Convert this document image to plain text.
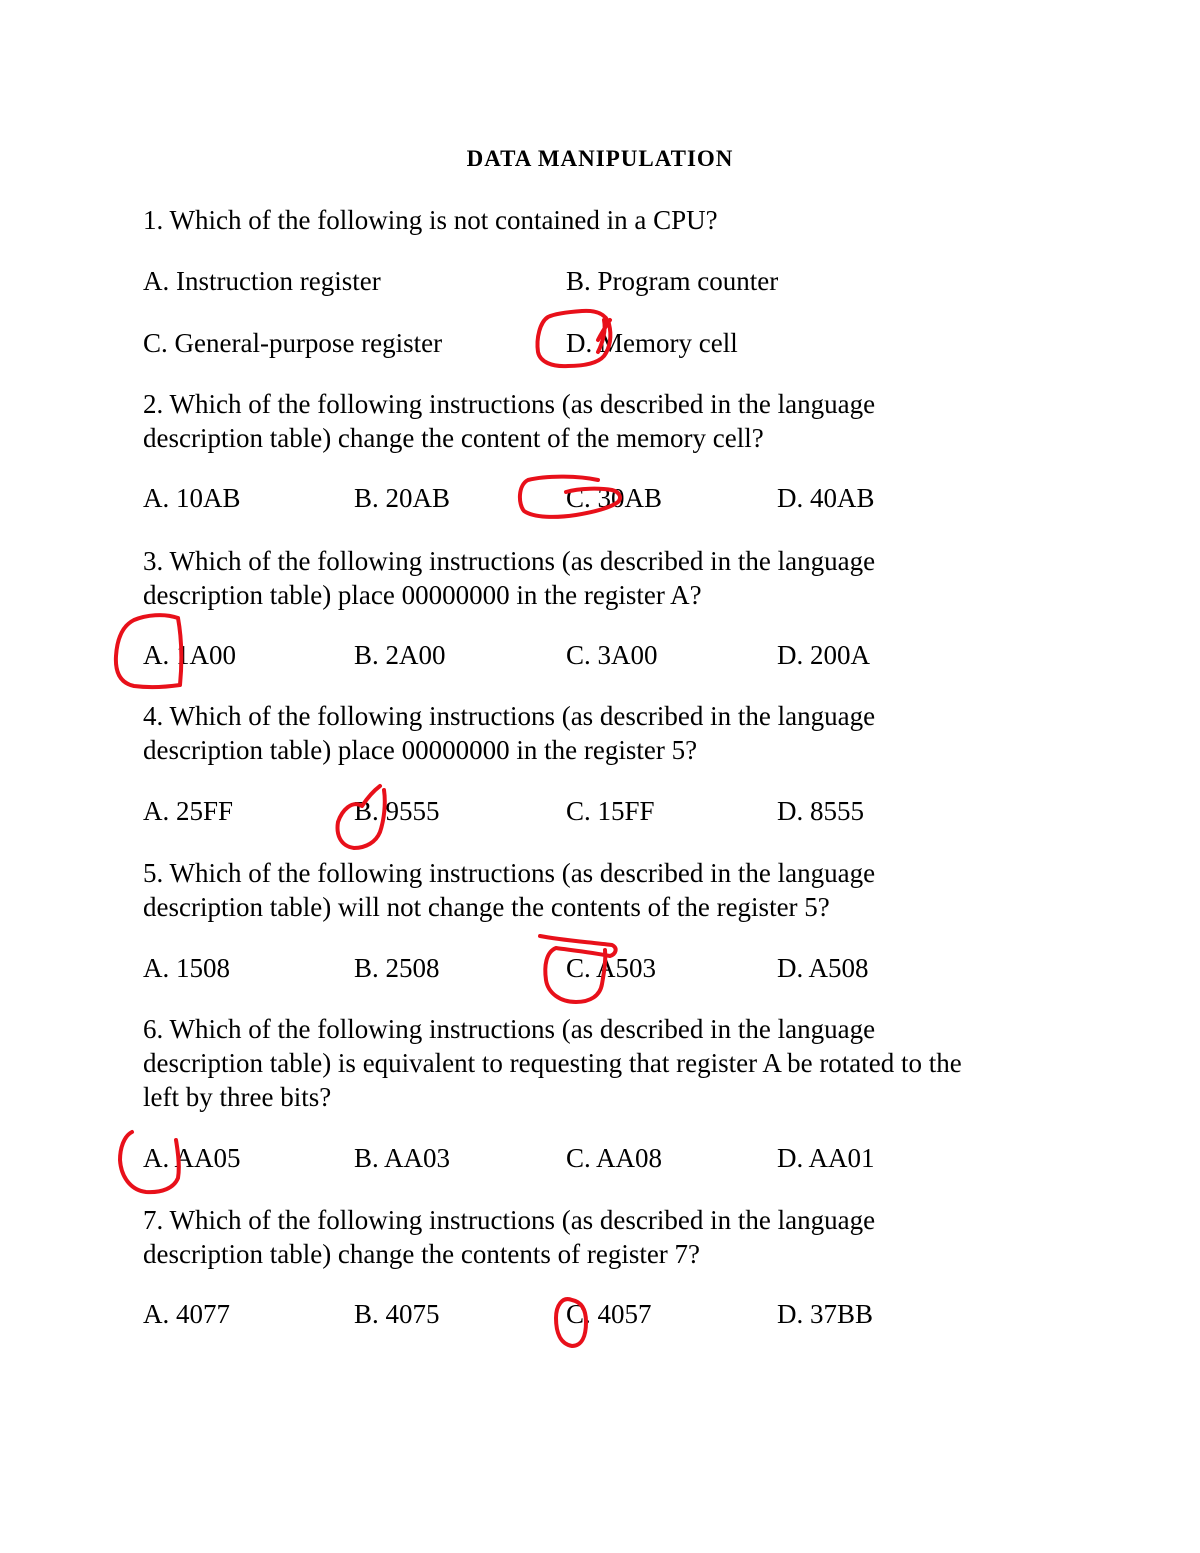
DATA MANIPULATION
1. Which of the following is not contained in a CPU?
A. Instruction register	B. Program counter
C. General-purpose register	D. Memory cell
2. Which of the following instructions (as described in the language
description table) change the content of the memory cell?
A. 10AB	B. 20AB	C. 30AB	D. 40AB
3. Which of the following instructions (as described in the language
description table) place 00000000 in the register A?
A. 1A00	B. 2A00	C. 3A00	D. 200A
4. Which of the following instructions (as described in the language
description table) place 00000000 in the register 5?
A. 25FF	B. 9555	C. 15FF	D. 8555
5. Which of the following instructions (as described in the language
description table) will not change the contents of the register 5?
A. 1508	B. 2508	C. A503	D. A508
6. Which of the following instructions (as described in the language
description table) is equivalent to requesting that register A be rotated to the
left by three bits?
A. AA05	B. AA03	C. AA08	D. AA01
7. Which of the following instructions (as described in the language
description table) change the contents of register 7?
A. 4077	B. 4075	C. 4057	D. 37BB
